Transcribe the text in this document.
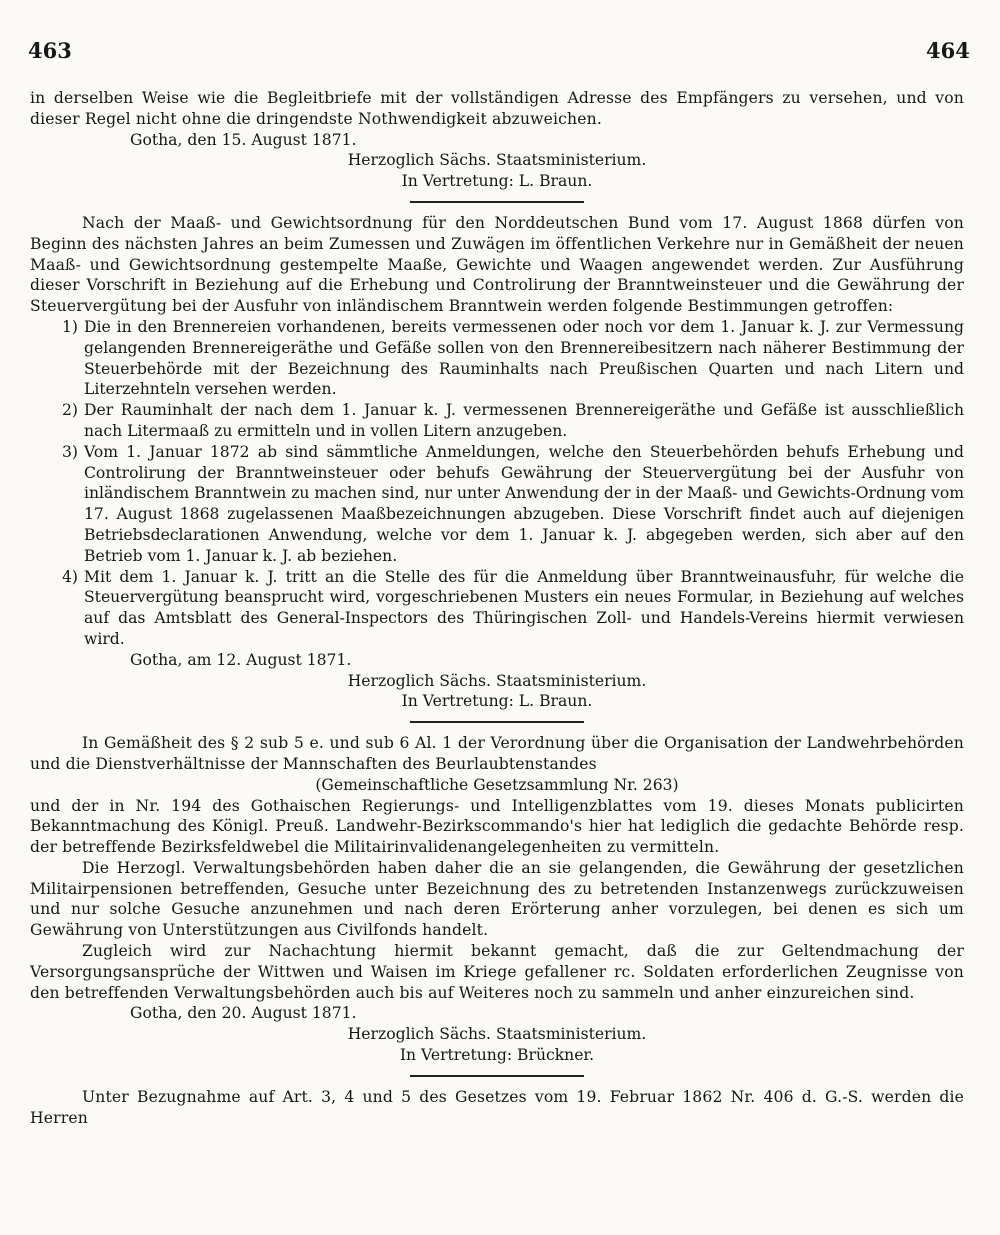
463	464

in derselben Weise wie die Begleitbriefe mit der vollständigen Adresse des Empfängers zu versehen, und von dieser Regel nicht ohne die dringendste Nothwendigkeit abzuweichen.

Gotha, den 15. August 1871.

Herzoglich Sächs. Staatsministerium.

In Vertretung: L. Braun.

Nach der Maaß- und Gewichtsordnung für den Norddeutschen Bund vom 17. August 1868 dürfen von Beginn des nächsten Jahres an beim Zumessen und Zuwägen im öffentlichen Verkehre nur in Gemäßheit der neuen Maaß- und Gewichtsordnung gestempelte Maaße, Gewichte und Waagen angewendet werden. Zur Ausführung dieser Vorschrift in Beziehung auf die Erhebung und Controlirung der Branntweinsteuer und die Gewährung der Steuervergütung bei der Ausfuhr von inländischem Branntwein werden folgende Bestimmungen getroffen:

1) Die in den Brennereien vorhandenen, bereits vermessenen oder noch vor dem 1. Januar k. J. zur Vermessung gelangenden Brennereigeräthe und Gefäße sollen von den Brennereibesitzern nach näherer Bestimmung der Steuerbehörde mit der Bezeichnung des Rauminhalts nach Preußischen Quarten und nach Litern und Literzehnteln versehen werden.
2) Der Rauminhalt der nach dem 1. Januar k. J. vermessenen Brennereigeräthe und Gefäße ist ausschließlich nach Litermaaß zu ermitteln und in vollen Litern anzugeben.
3) Vom 1. Januar 1872 ab sind sämmtliche Anmeldungen, welche den Steuerbehörden behufs Erhebung und Controlirung der Branntweinsteuer oder behufs Gewährung der Steuervergütung bei der Ausfuhr von inländischem Branntwein zu machen sind, nur unter Anwendung der in der Maaß- und Gewichts-Ordnung vom 17. August 1868 zugelassenen Maaßbezeichnungen abzugeben. Diese Vorschrift findet auch auf diejenigen Betriebsdeclarationen Anwendung, welche vor dem 1. Januar k. J. abgegeben werden, sich aber auf den Betrieb vom 1. Januar k. J. ab beziehen.
4) Mit dem 1. Januar k. J. tritt an die Stelle des für die Anmeldung über Branntweinausfuhr, für welche die Steuervergütung beansprucht wird, vorgeschriebenen Musters ein neues Formular, in Beziehung auf welches auf das Amtsblatt des General-Inspectors des Thüringischen Zoll- und Handels-Vereins hiermit verwiesen wird.

Gotha, am 12. August 1871.

Herzoglich Sächs. Staatsministerium.

In Vertretung: L. Braun.

In Gemäßheit des § 2 sub 5 e. und sub 6 Al. 1 der Verordnung über die Organisation der Landwehrbehörden und die Dienstverhältnisse der Mannschaften des Beurlaubtenstandes

(Gemeinschaftliche Gesetzsammlung Nr. 263)

und der in Nr. 194 des Gothaischen Regierungs- und Intelligenzblattes vom 19. dieses Monats publicirten Bekanntmachung des Königl. Preuß. Landwehr-Bezirkscommando's hier hat lediglich die gedachte Behörde resp. der betreffende Bezirksfeldwebel die Militairinvalidenangelegenheiten zu vermitteln.

Die Herzogl. Verwaltungsbehörden haben daher die an sie gelangenden, die Gewährung der gesetzlichen Militairpensionen betreffenden, Gesuche unter Bezeichnung des zu betretenden Instanzenwegs zurückzuweisen und nur solche Gesuche anzunehmen und nach deren Erörterung anher vorzulegen, bei denen es sich um Gewährung von Unterstützungen aus Civilfonds handelt.

Zugleich wird zur Nachachtung hiermit bekannt gemacht, daß die zur Geltendmachung der Versorgungsansprüche der Wittwen und Waisen im Kriege gefallener rc. Soldaten erforderlichen Zeugnisse von den betreffenden Verwaltungsbehörden auch bis auf Weiteres noch zu sammeln und anher einzureichen sind.

Gotha, den 20. August 1871.

Herzoglich Sächs. Staatsministerium.

In Vertretung: Brückner.

Unter Bezugnahme auf Art. 3, 4 und 5 des Gesetzes vom 19. Februar 1862 Nr. 406 d. G.-S. werden die Herren
